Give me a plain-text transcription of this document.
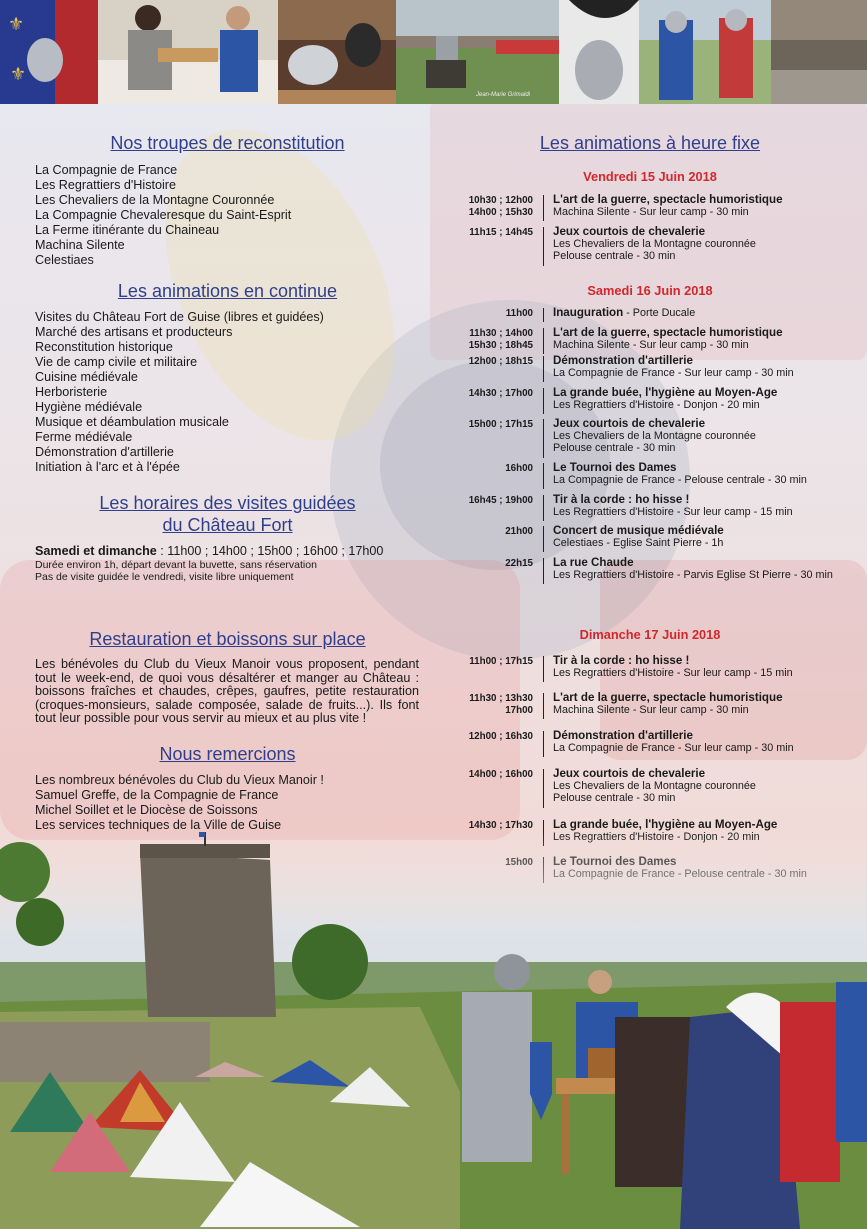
⚜
⚜
Jean-Marie Grimaldi
Nos troupes de reconstitution
La Compagnie de France
Les Regrattiers d'Histoire
Les Chevaliers de la Montagne Couronnée
La Compagnie Chevaleresque du Saint-Esprit
La Ferme itinérante du Chaineau
Machina Silente
Celestiaes
Les animations en continue
Visites du Château Fort de Guise (libres et guidées)
Marché des artisans et producteurs
Reconstitution historique
Vie de camp civile et militaire
Cuisine médiévale
Herboristerie
Hygiène médiévale
Musique et déambulation musicale
Ferme médiévale
Démonstration d'artillerie
Initiation à l'arc et à l'épée
Les horaires des visites guidées
du Château Fort
Samedi et dimanche : 11h00 ; 14h00 ; 15h00 ; 16h00 ; 17h00
Durée environ 1h, départ devant la buvette, sans réservation
Pas de visite guidée le vendredi, visite libre uniquement
Restauration et boissons sur place

Les bénévoles du Club du Vieux Manoir vous proposent, pendant tout le week-end, de quoi vous désaltérer et manger au Château : boissons fraîches et chaudes, crêpes, gaufres, petite restauration (croques-monsieurs, salade composée, salade de fruits...). Ils font tout leur possible pour vous servir au mieux et au plus vite !

Nous remercions
Les nombreux bénévoles du Club du Vieux Manoir !
Samuel Greffe, de la Compagnie de France
Michel Soillet et le Diocèse de Soissons
Les services techniques de la Ville de Guise
Les animations à heure fixe
Vendredi 15 Juin 2018
10h30 ; 12h00
14h00 ; 15h30
L'art de la guerre, spectacle humoristique
Machina Silente - Sur leur camp - 30 min
11h15 ; 14h45 Jeux courtois de chevalerie
Les Chevaliers de la Montagne couronnée
Pelouse centrale - 30 min
Samedi 16 Juin 2018
11h00 Inauguration - Porte Ducale
11h30 ; 14h00
15h30 ; 18h45
L'art de la guerre, spectacle humoristique
Machina Silente - Sur leur camp - 30 min
12h00 ; 18h15 Démonstration d'artillerie
La Compagnie de France - Sur leur camp - 30 min
14h30 ; 17h00 La grande buée, l'hygiène au Moyen-Age
Les Regrattiers d'Histoire - Donjon - 20 min
15h00 ; 17h15 Jeux courtois de chevalerie
Les Chevaliers de la Montagne couronnée
Pelouse centrale - 30 min
16h00 Le Tournoi des Dames
La Compagnie de France - Pelouse centrale - 30 min
16h45 ; 19h00 Tir à la corde : ho hisse !
Les Regrattiers d'Histoire - Sur leur camp - 15 min
21h00 Concert de musique médiévale
Celestiaes - Eglise Saint Pierre - 1h
22h15 La rue Chaude
Les Regrattiers d'Histoire - Parvis Eglise St Pierre - 30 min
Dimanche 17 Juin 2018
11h00 ; 17h15 Tir à la corde : ho hisse !
Les Regrattiers d'Histoire - Sur leur camp - 15 min
11h30 ; 13h30
17h00
L'art de la guerre, spectacle humoristique
Machina Silente - Sur leur camp - 30 min
12h00 ; 16h30 Démonstration d'artillerie
La Compagnie de France - Sur leur camp - 30 min
14h00 ; 16h00 Jeux courtois de chevalerie
Les Chevaliers de la Montagne couronnée
Pelouse centrale - 30 min
14h30 ; 17h30 La grande buée, l'hygiène au Moyen-Age
